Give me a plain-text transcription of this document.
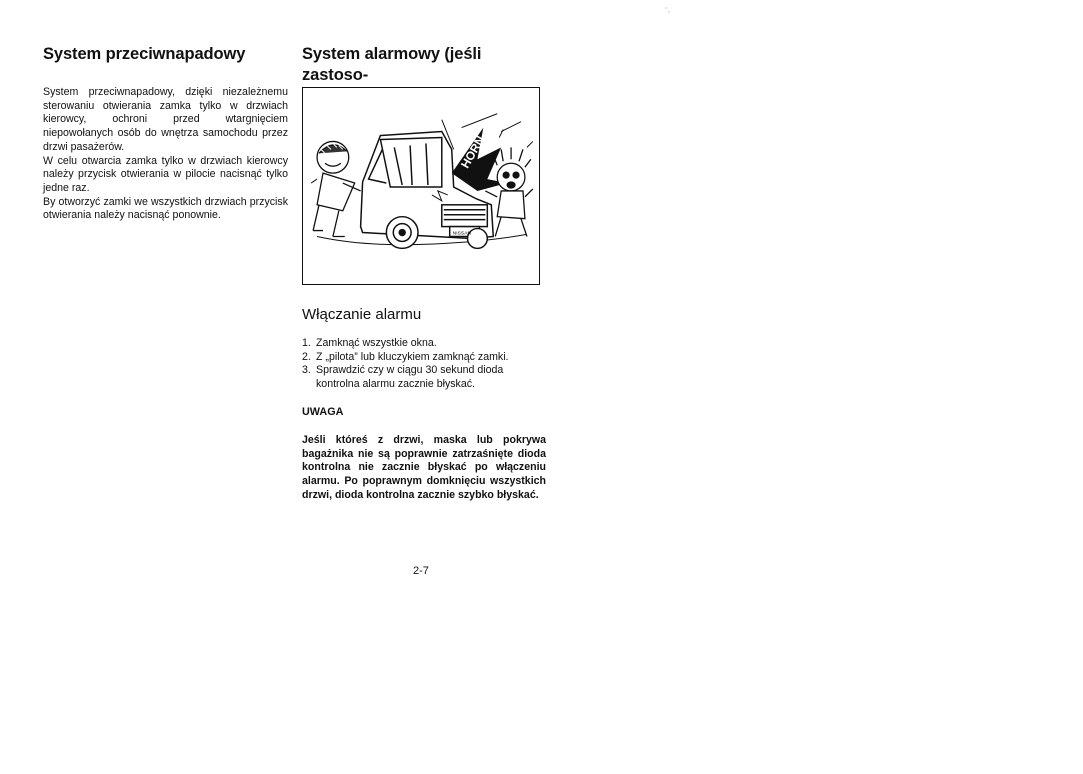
System przeciwnapadowy

System przeciwnapadowy, dzięki niezależnemu sterowaniu otwierania zamka tylko w drzwiach kierowcy, ochroni przed wtargnięciem niepowołanych osób do wnętrza samochodu przez drzwi pasażerów.

W celu otwarcia zamka tylko w drzwiach kierowcy należy przycisk otwierania w pilocie nacisnąć tylko jedne raz.

By otworzyć zamki we wszystkich drzwiach przycisk otwierania należy nacisnąć ponownie.

System alarmowy (jeśli zastoso-

NISSAN
HORN
Włączanie alarmu
1. Zamknąć wszystkie okna.
2. Z „pilota” lub kluczykiem zamknąć zamki.
3. Sprawdzić czy w ciągu 30 sekund dioda kontrolna alarmu zacznie błyskać.

UWAGA

Jeśli któreś z drzwi, maska lub pokrywa bagażnika nie są poprawnie zatrzaśnięte dioda kontrolna nie zacznie błyskać po włączeniu alarmu. Po poprawnym domknięciu wszystkich drzwi, dioda kontrolna zacznie szybko błyskać.

2-7
